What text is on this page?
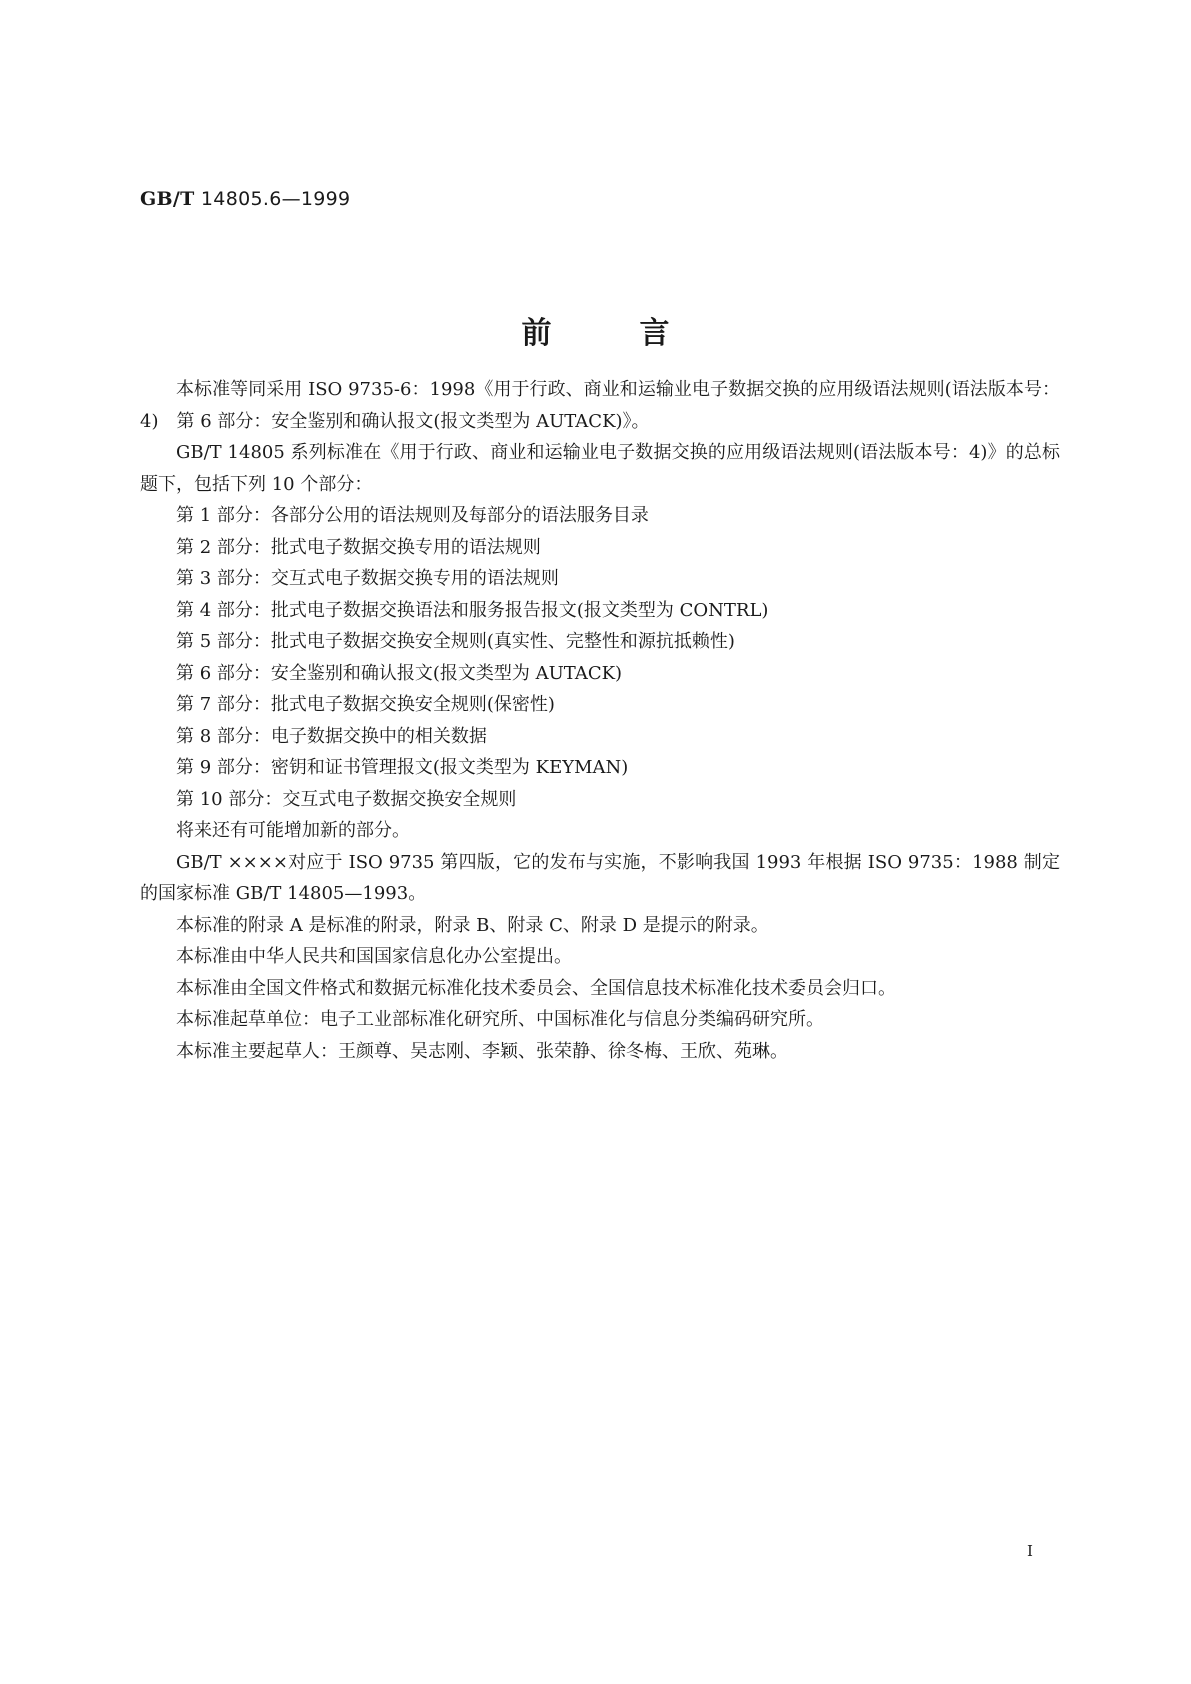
GB/T 14805.6—1999
前言

本标准等同采用 ISO 9735-6：1998《用于行政、商业和运输业电子数据交换的应用级语法规则(语法版本号：4)　第 6 部分：安全鉴别和确认报文(报文类型为 AUTACK)》。

GB/T 14805 系列标准在《用于行政、商业和运输业电子数据交换的应用级语法规则(语法版本号：4)》的总标题下，包括下列 10 个部分：

第 1 部分：各部分公用的语法规则及每部分的语法服务目录

第 2 部分：批式电子数据交换专用的语法规则

第 3 部分：交互式电子数据交换专用的语法规则

第 4 部分：批式电子数据交换语法和服务报告报文(报文类型为 CONTRL)

第 5 部分：批式电子数据交换安全规则(真实性、完整性和源抗抵赖性)

第 6 部分：安全鉴别和确认报文(报文类型为 AUTACK)

第 7 部分：批式电子数据交换安全规则(保密性)

第 8 部分：电子数据交换中的相关数据

第 9 部分：密钥和证书管理报文(报文类型为 KEYMAN)

第 10 部分：交互式电子数据交换安全规则

将来还有可能增加新的部分。

GB/T ××××对应于 ISO 9735 第四版，它的发布与实施，不影响我国 1993 年根据 ISO 9735：1988 制定的国家标准 GB/T 14805—1993。

本标准的附录 A 是标准的附录，附录 B、附录 C、附录 D 是提示的附录。

本标准由中华人民共和国国家信息化办公室提出。

本标准由全国文件格式和数据元标准化技术委员会、全国信息技术标准化技术委员会归口。

本标准起草单位：电子工业部标准化研究所、中国标准化与信息分类编码研究所。

本标准主要起草人：王颜尊、吴志刚、李颖、张荣静、徐冬梅、王欣、苑琳。

I
